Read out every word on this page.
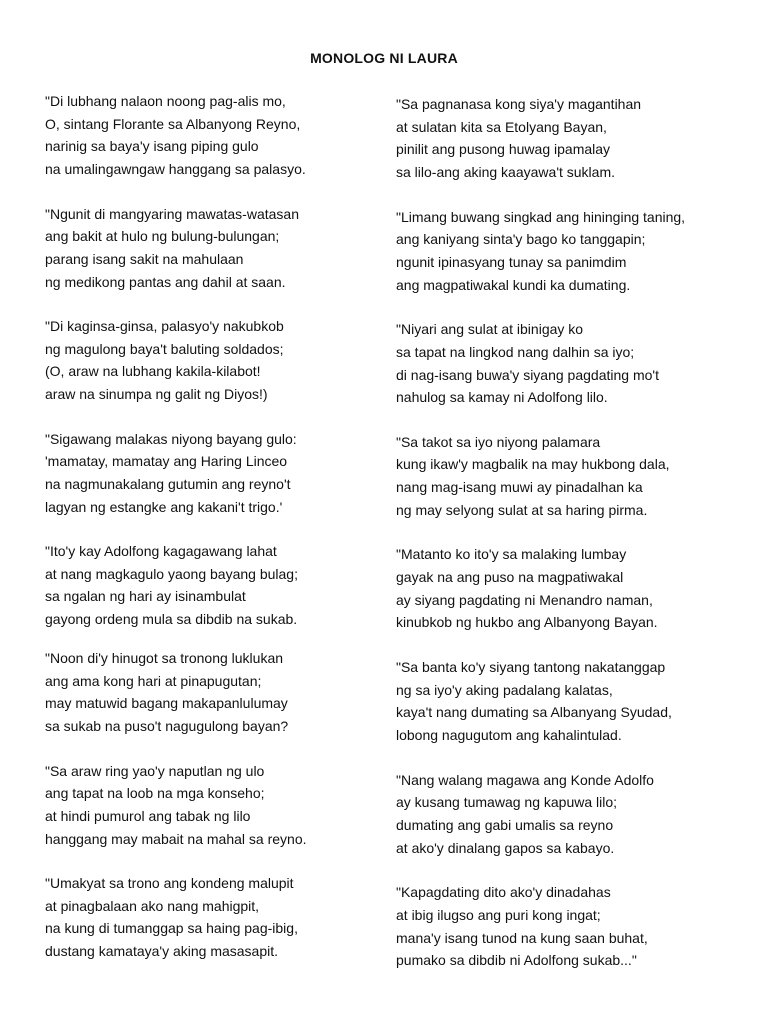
MONOLOG NI LAURA
"Di lubhang nalaon noong pag-alis mo,
O, sintang Florante sa Albanyong Reyno,
narinig sa baya'y isang piping gulo
na umalingawngaw hanggang sa palasyo.
"Ngunit di mangyaring mawatas-watasan
ang bakit at hulo ng bulung-bulungan;
parang isang sakit na mahulaan
ng medikong pantas ang dahil at saan.
"Di kaginsa-ginsa, palasyo'y nakubkob
ng magulong baya't baluting soldados;
(O, araw na lubhang kakila-kilabot!
araw na sinumpa ng galit ng Diyos!)
"Sigawang malakas niyong bayang gulo:
'mamatay, mamatay ang Haring Linceo
na nagmunakalang gutumin ang reyno't
lagyan ng estangke ang kakani't trigo.'
"Ito'y kay Adolfong kagagawang lahat
at nang magkagulo yaong bayang bulag;
sa ngalan ng hari ay isinambulat
gayong ordeng mula sa dibdib na sukab.
"Noon di'y hinugot sa tronong luklukan
ang ama kong hari at pinapugutan;
may matuwid bagang makapanlulumay
sa sukab na puso't nagugulong bayan?
"Sa araw ring yao'y naputlan ng ulo
ang tapat na loob na mga konseho;
at hindi pumurol ang tabak ng lilo
hanggang may mabait na mahal sa reyno.
"Umakyat sa trono ang kondeng malupit
at pinagbalaan ako nang mahigpit,
na kung di tumanggap sa haing pag-ibig,
dustang kamataya'y aking masasapit.
"Sa pagnanasa kong siya'y magantihan
at sulatan kita sa Etolyang Bayan,
pinilit ang pusong huwag ipamalay
sa lilo-ang aking kaayawa't suklam.
"Limang buwang singkad ang hininging taning,
ang kaniyang sinta'y bago ko tanggapin;
ngunit ipinasyang tunay sa panimdim
ang magpatiwakal kundi ka dumating.
"Niyari ang sulat at ibinigay ko
sa tapat na lingkod nang dalhin sa iyo;
di nag-isang buwa'y siyang pagdating mo't
nahulog sa kamay ni Adolfong lilo.
"Sa takot sa iyo niyong palamara
kung ikaw'y magbalik na may hukbong dala,
nang mag-isang muwi ay pinadalhan ka
ng may selyong sulat at sa haring pirma.
"Matanto ko ito'y sa malaking lumbay
gayak na ang puso na magpatiwakal
ay siyang pagdating ni Menandro naman,
kinubkob ng hukbo ang Albanyong Bayan.
"Sa banta ko'y siyang tantong nakatanggap
ng sa iyo'y aking padalang kalatas,
kaya't nang dumating sa Albanyang Syudad,
lobong nagugutom ang kahalintulad.
"Nang walang magawa ang Konde Adolfo
ay kusang tumawag ng kapuwa lilo;
dumating ang gabi umalis sa reyno
at ako'y dinalang gapos sa kabayo.
"Kapagdating dito ako'y dinadahas
at ibig ilugso ang puri kong ingat;
mana'y isang tunod na kung saan buhat,
pumako sa dibdib ni Adolfong sukab..."
